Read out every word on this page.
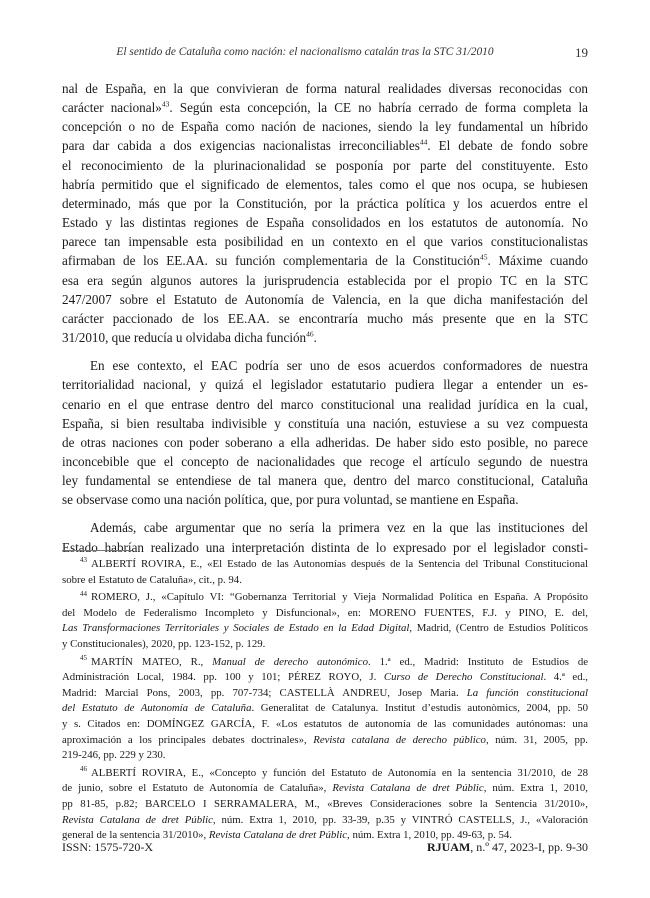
El sentido de Cataluña como nación: el nacionalismo catalán tras la STC 31/2010	19

nal de España, en la que convivieran de forma natural realidades diversas reconocidas con
carácter nacional»$^{43}$. Según esta concepción, la CE no habría cerrado de forma completa la
concepción o no de España como nación de naciones, siendo la ley fundamental un híbrido
para dar cabida a dos exigencias nacionalistas irreconciliables$^{44}$. El debate de fondo sobre
el reconocimiento de la plurinacionalidad se posponía por parte del constituyente. Esto
habría permitido que el significado de elementos, tales como el que nos ocupa, se hubiesen
determinado, más que por la Constitución, por la práctica política y los acuerdos entre el
Estado y las distintas regiones de España consolidados en los estatutos de autonomía. No
parece tan impensable esta posibilidad en un contexto en el que varios constitucionalistas
afirmaban de los EE.AA. su función complementaria de la Constitución$^{45}$. Máxime cuando
esa era según algunos autores la jurisprudencia establecida por el propio TC en la STC
247/2007 sobre el Estatuto de Autonomía de Valencia, en la que dicha manifestación del
carácter paccionado de los EE.AA. se encontraría mucho más presente que en la STC
31/2010, que reducía u olvidaba dicha función$^{46}$.

En ese contexto, el EAC podría ser uno de esos acuerdos conformadores de nuestra
territorialidad nacional, y quizá el legislador estatutario pudiera llegar a entender un es-
cenario en el que entrase dentro del marco constitucional una realidad jurídica en la cual,
España, si bien resultaba indivisible y constituía una nación, estuviese a su vez compuesta
de otras naciones con poder soberano a ella adheridas. De haber sido esto posible, no parece
inconcebible que el concepto de nacionalidades que recoge el artículo segundo de nuestra
ley fundamental se entendiese de tal manera que, dentro del marco constitucional, Cataluña
se observase como una nación política, que, por pura voluntad, se mantiene en España.

Además, cabe argumentar que no sería la primera vez en la que las instituciones del
Estado habrían realizado una interpretación distinta de lo expresado por el legislador consti-

$^{43}$ ALBERTÍ ROVIRA, E., «El Estado de las Autonomías después de la Sentencia del Tribunal Constitucional
sobre el Estatuto de Cataluña», cit., p. 94.

$^{44}$ ROMERO, J., «Capítulo VI: “Gobernanza Territorial y Vieja Normalidad Política en España. A Propósito
del Modelo de Federalismo Incompleto y Disfuncional», en: MORENO FUENTES, F.J. y PINO, E. del,
Las Transformaciones Territoriales y Sociales de Estado en la Edad Digital, Madrid, (Centro de Estudios Políticos
y Constitucionales), 2020, pp. 123-152, p. 129.

$^{45}$ MARTÍN MATEO, R., Manual de derecho autonómico. 1.ª ed., Madrid: Instituto de Estudios de
Administración Local, 1984. pp. 100 y 101; PÉREZ ROYO, J. Curso de Derecho Constitucional. 4.ª ed.,
Madrid: Marcial Pons, 2003, pp. 707-734; CASTELLÀ ANDREU, Josep Maria. La función constitucional
del Estatuto de Autonomía de Cataluña. Generalitat de Catalunya. Institut d’estudis autonòmics, 2004, pp. 50
y s. Citados en: DOMÍNGEZ GARCÍA, F. «Los estatutos de autonomía de las comunidades autónomas: una
aproximación a los principales debates doctrinales», Revista catalana de derecho público, núm. 31, 2005, pp.
219-246, pp. 229 y 230.

$^{46}$ ALBERTÍ ROVIRA, E., «Concepto y función del Estatuto de Autonomía en la sentencia 31/2010, de 28
de junio, sobre el Estatuto de Autonomía de Cataluña», Revista Catalana de dret Públic, núm. Extra 1, 2010,
pp 81-85, p.82; BARCELO I SERRAMALERA, M., «Breves Consideraciones sobre la Sentencia 31/2010»,
Revista Catalana de dret Públic, núm. Extra 1, 2010, pp. 33-39, p.35 y VINTRÓ CASTELLS, J., «Valoración
general de la sentencia 31/2010», Revista Catalana de dret Públic, núm. Extra 1, 2010, pp. 49-63, p. 54.

ISSN: 1575-720-X	RJUAM, n.º 47, 2023-I, pp. 9-30
